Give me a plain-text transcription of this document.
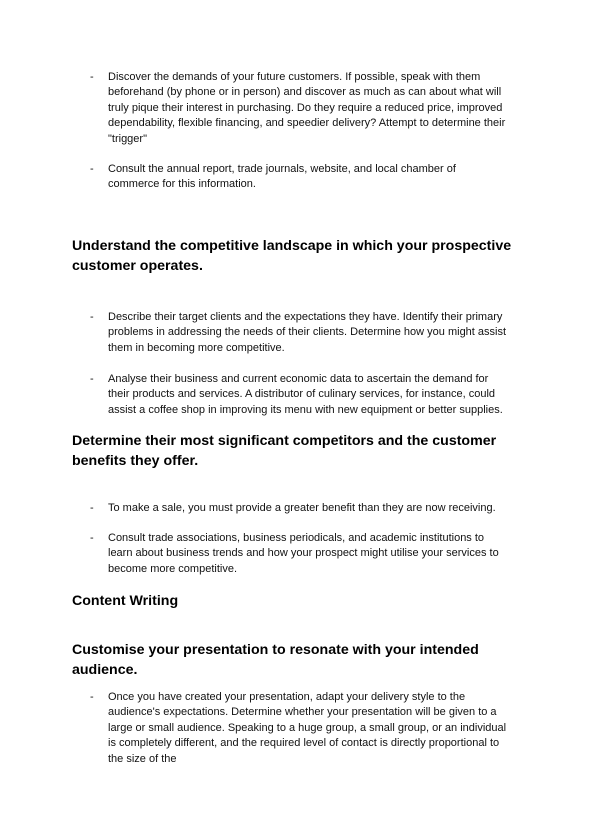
- Discover the demands of your future customers. If possible, speak with them beforehand (by phone or in person) and discover as much as can about what will truly pique their interest in purchasing. Do they require a reduced price, improved dependability, flexible financing, and speedier delivery? Attempt to determine their "trigger"
- Consult the annual report, trade journals, website, and local chamber of commerce for this information.
Understand the competitive landscape in which your prospective customer operates.
- Describe their target clients and the expectations they have. Identify their primary problems in addressing the needs of their clients. Determine how you might assist them in becoming more competitive.
- Analyse their business and current economic data to ascertain the demand for their products and services. A distributor of culinary services, for instance, could assist a coffee shop in improving its menu with new equipment or better supplies.
Determine their most significant competitors and the customer benefits they offer.
- To make a sale, you must provide a greater benefit than they are now receiving.
- Consult trade associations, business periodicals, and academic institutions to learn about business trends and how your prospect might utilise your services to become more competitive.
Content Writing
Customise your presentation to resonate with your intended audience.
- Once you have created your presentation, adapt your delivery style to the audience's expectations. Determine whether your presentation will be given to a large or small audience. Speaking to a huge group, a small group, or an individual is completely different, and the required level of contact is directly proportional to the size of the
